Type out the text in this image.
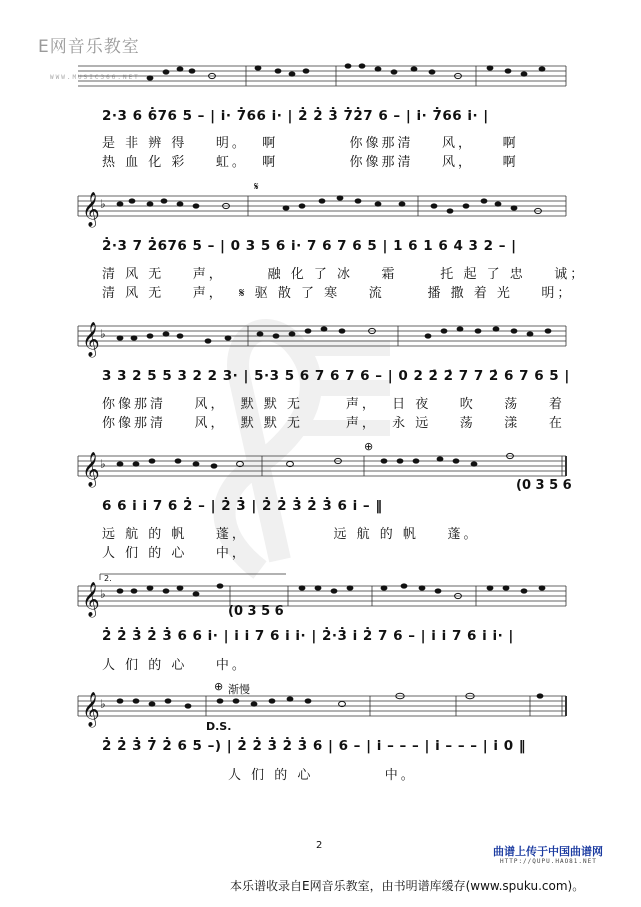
E网音乐教室
WWW.MUSIC366.NET
2·3 6 6̇76 5 – | i· 7̇66 i· | 2̇ 2̇ 3̇ 7̇2̇7 6 – | i· 7̇66 i· |
是 非 辨 得    明。  啊          你像那清    风，    啊
热 血 化 彩    虹。  啊          你像那清    风，    啊
𝄞 ♭
𝄋
2̇·3 7 2̇676 5 – | 0 3 5 6 i· 7 6 7 6 5 | 1 6 1 6 4 3 2 – |
清 风 无    声，      融 化 了 冰    霜      托 起 了 忠    诚；
清 风 无    声，  𝄋 驱 散 了 寒    流      播 撒 着 光    明；
𝄞 ♭
3 3 2 5 5 3 2 2 3· | 5·3 5 6 7 6 7 6 – | 0 2 2̇ 2̇ 7 7 2̇ 6 7 6 5 |
你像那清    风，  默 默 无      声，  日 夜    吹    荡    着
你像那清    风，  默 默 无      声，  永 远    荡    漾    在
𝄞 ♭
⊕
6 6 i i 7 6 2̇ – | 2̇ 3̇ | 2̇ 2̇ 3̇ 2̇ 3̇ 6 i – ‖
(0 3 5 6
远 航 的 帆    蓬，            远 航 的 帆    蓬。
人 们 的 心    中，
2.
𝄞 ♭
2̇ 2̇ 3̇ 2̇ 3̇ 6 6 i· | i i 7 6 i i· | 2̇·3̇ i 2̇ 7 6 – | i i 7 6 i i· |
(0 3 5 6
人 们 的 心    中。
𝄞 ♭
⊕ 渐慢
D.S.
2̇ 2̇ 3̇ 7̇ 2̇ 6 5 –) | 2̇ 2̇ 3̇ 2̇ 3̇ 6 | 6 – | i – – – | i – – – | i 0 ‖
人 们 的 心          中。
2	曲谱上传于中国曲谱网
HTTP://QUPU.HAO81.NET
本乐谱收录自E网音乐教室，由书明谱库缓存(www.spuku.com)。
